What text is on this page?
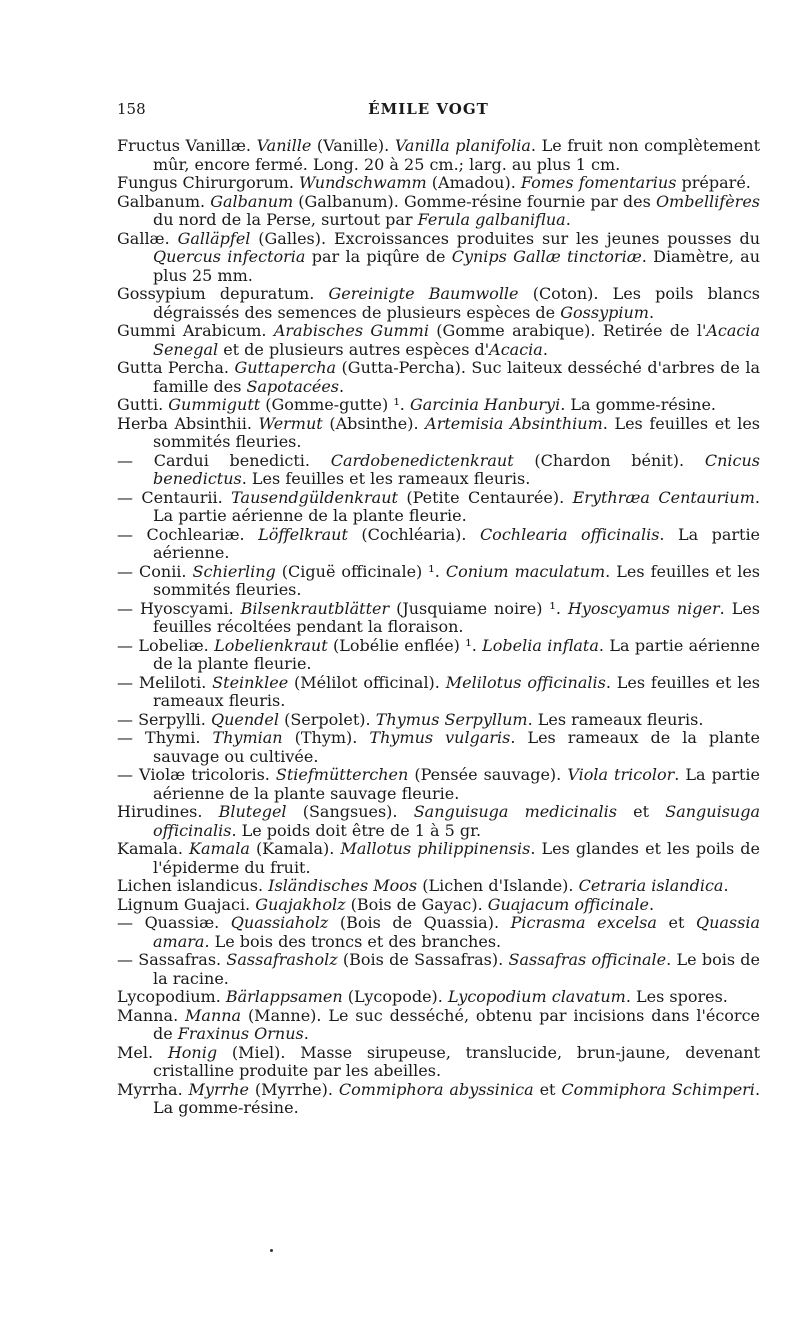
158	ÉMILE VOGT

Fructus Vanillæ. Vanille (Vanille). Vanilla planifolia. Le fruit non complètement mûr, encore fermé. Long. 20 à 25 cm.; larg. au plus 1 cm.

Fungus Chirurgorum. Wundschwamm (Amadou). Fomes fomentarius préparé.

Galbanum. Galbanum (Galbanum). Gomme-résine fournie par des Ombellifères du nord de la Perse, surtout par Ferula galbaniflua.

Gallæ. Galläpfel (Galles). Excroissances produites sur les jeunes pousses du Quercus infectoria par la piqûre de Cynips Gallæ tinctoriæ. Diamètre, au plus 25 mm.

Gossypium depuratum. Gereinigte Baumwolle (Coton). Les poils blancs dégraissés des semences de plusieurs espèces de Gossypium.

Gummi Arabicum. Arabisches Gummi (Gomme arabique). Retirée de l'Acacia Senegal et de plusieurs autres espèces d'Acacia.

Gutta Percha. Guttapercha (Gutta-Percha). Suc laiteux desséché d'arbres de la famille des Sapotacées.

Gutti. Gummigutt (Gomme-gutte) ¹. Garcinia Hanburyi. La gomme-résine.

Herba Absinthii. Wermut (Absinthe). Artemisia Absinthium. Les feuilles et les sommités fleuries.

— Cardui benedicti. Cardobenedictenkraut (Chardon bénit). Cnicus benedictus. Les feuilles et les rameaux fleuris.

— Centaurii. Tausendgüldenkraut (Petite Centaurée). Erythræa Centaurium. La partie aérienne de la plante fleurie.

— Cochleariæ. Löffelkraut (Cochléaria). Cochlearia officinalis. La partie aérienne.

— Conii. Schierling (Ciguë officinale) ¹. Conium maculatum. Les feuilles et les sommités fleuries.

— Hyoscyami. Bilsenkrautblätter (Jusquiame noire) ¹. Hyoscyamus niger. Les feuilles récoltées pendant la floraison.

— Lobeliæ. Lobelienkraut (Lobélie enflée) ¹. Lobelia inflata. La partie aérienne de la plante fleurie.

— Meliloti. Steinklee (Mélilot officinal). Melilotus officinalis. Les feuilles et les rameaux fleuris.

— Serpylli. Quendel (Serpolet). Thymus Serpyllum. Les rameaux fleuris.

— Thymi. Thymian (Thym). Thymus vulgaris. Les rameaux de la plante sauvage ou cultivée.

— Violæ tricoloris. Stiefmütterchen (Pensée sauvage). Viola tricolor. La partie aérienne de la plante sauvage fleurie.

Hirudines. Blutegel (Sangsues). Sanguisuga medicinalis et Sanguisuga officinalis. Le poids doit être de 1 à 5 gr.

Kamala. Kamala (Kamala). Mallotus philippinensis. Les glandes et les poils de l'épiderme du fruit.

Lichen islandicus. Isländisches Moos (Lichen d'Islande). Cetraria islandica.

Lignum Guajaci. Guajakholz (Bois de Gayac). Guajacum officinale.

— Quassiæ. Quassiaholz (Bois de Quassia). Picrasma excelsa et Quassia amara. Le bois des troncs et des branches.

— Sassafras. Sassafrasholz (Bois de Sassafras). Sassafras officinale. Le bois de la racine.

Lycopodium. Bärlappsamen (Lycopode). Lycopodium clavatum. Les spores.

Manna. Manna (Manne). Le suc desséché, obtenu par incisions dans l'écorce de Fraxinus Ornus.

Mel. Honig (Miel). Masse sirupeuse, translucide, brun-jaune, devenant cristalline produite par les abeilles.

Myrrha. Myrrhe (Myrrhe). Commiphora abyssinica et Commiphora Schimperi. La gomme-résine.
